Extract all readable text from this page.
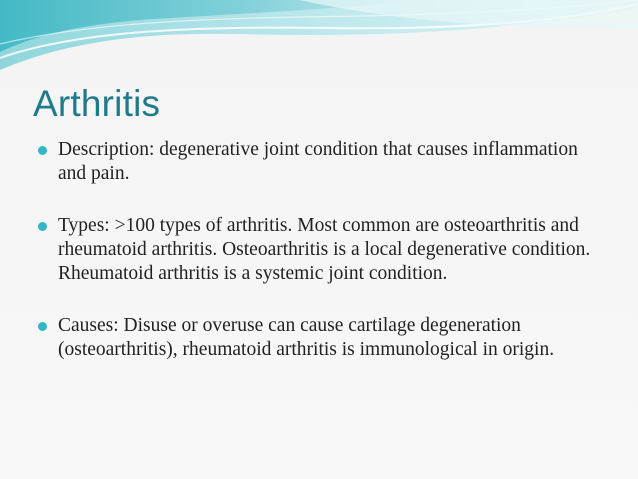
Arthritis
Description: degenerative joint condition that causes inflammation and pain.
Types: >100 types of arthritis. Most common are osteoarthritis and rheumatoid arthritis. Osteoarthritis is a local degenerative condition. Rheumatoid arthritis is a systemic joint condition.
Causes: Disuse or overuse can cause cartilage degeneration (osteoarthritis), rheumatoid arthritis is immunological in origin.
